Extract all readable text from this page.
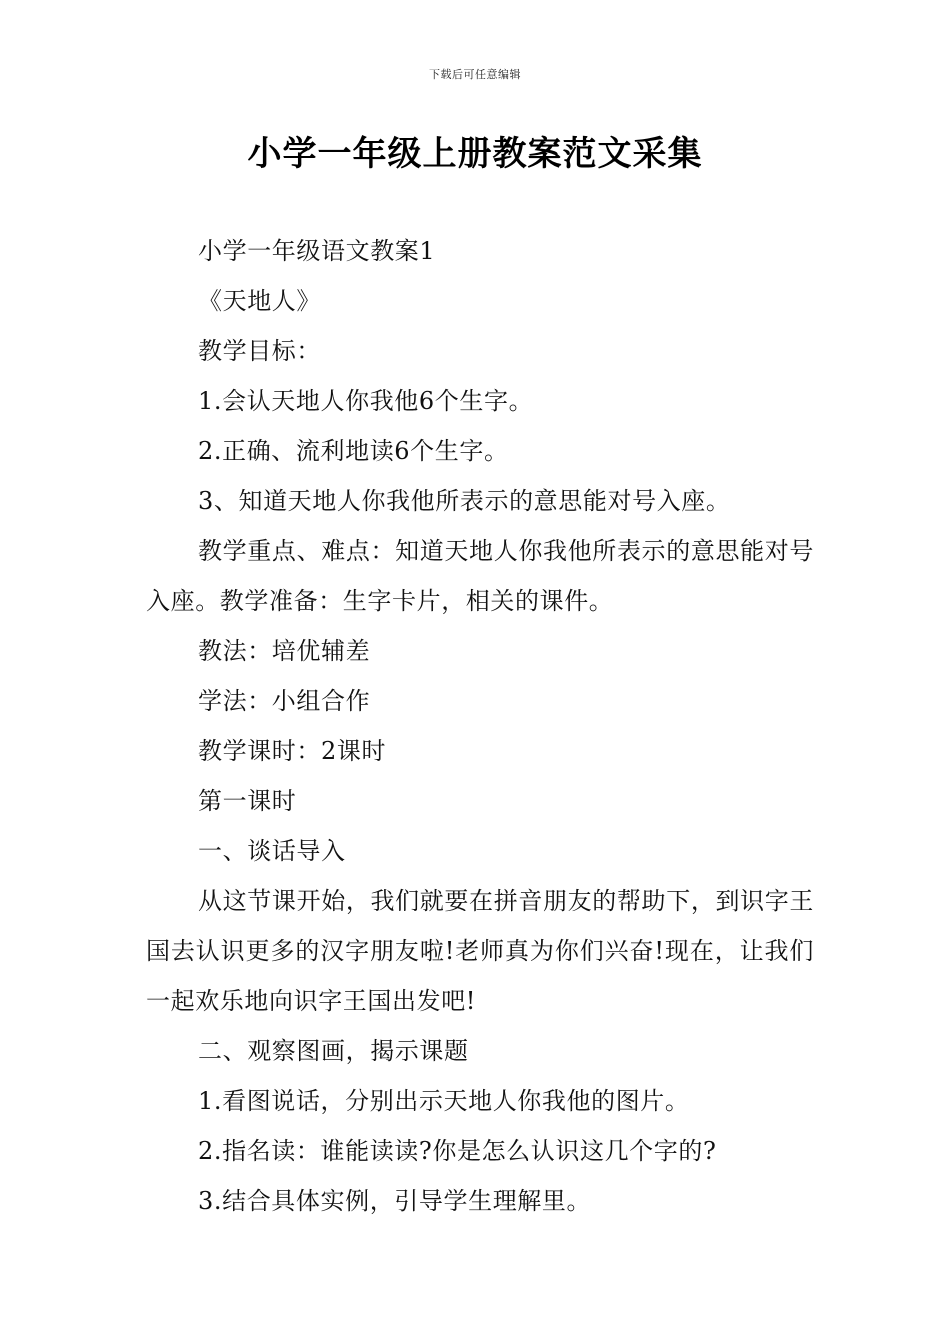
下载后可任意编辑
小学一年级上册教案范文采集

小学一年级语文教案1

《天地人》

教学目标：

1.会认天地人你我他6个生字。

2.正确、流利地读6个生字。

3、知道天地人你我他所表示的意思能对号入座。

教学重点、难点：知道天地人你我他所表示的意思能对号入座。教学准备：生字卡片，相关的课件。

教法：培优辅差

学法：小组合作

教学课时：2课时

第一课时

一、谈话导入

从这节课开始，我们就要在拼音朋友的帮助下，到识字王国去认识更多的汉字朋友啦!老师真为你们兴奋!现在，让我们一起欢乐地向识字王国出发吧!

二、观察图画，揭示课题

1.看图说话，分别出示天地人你我他的图片。

2.指名读：谁能读读?你是怎么认识这几个字的?

3.结合具体实例，引导学生理解里。
